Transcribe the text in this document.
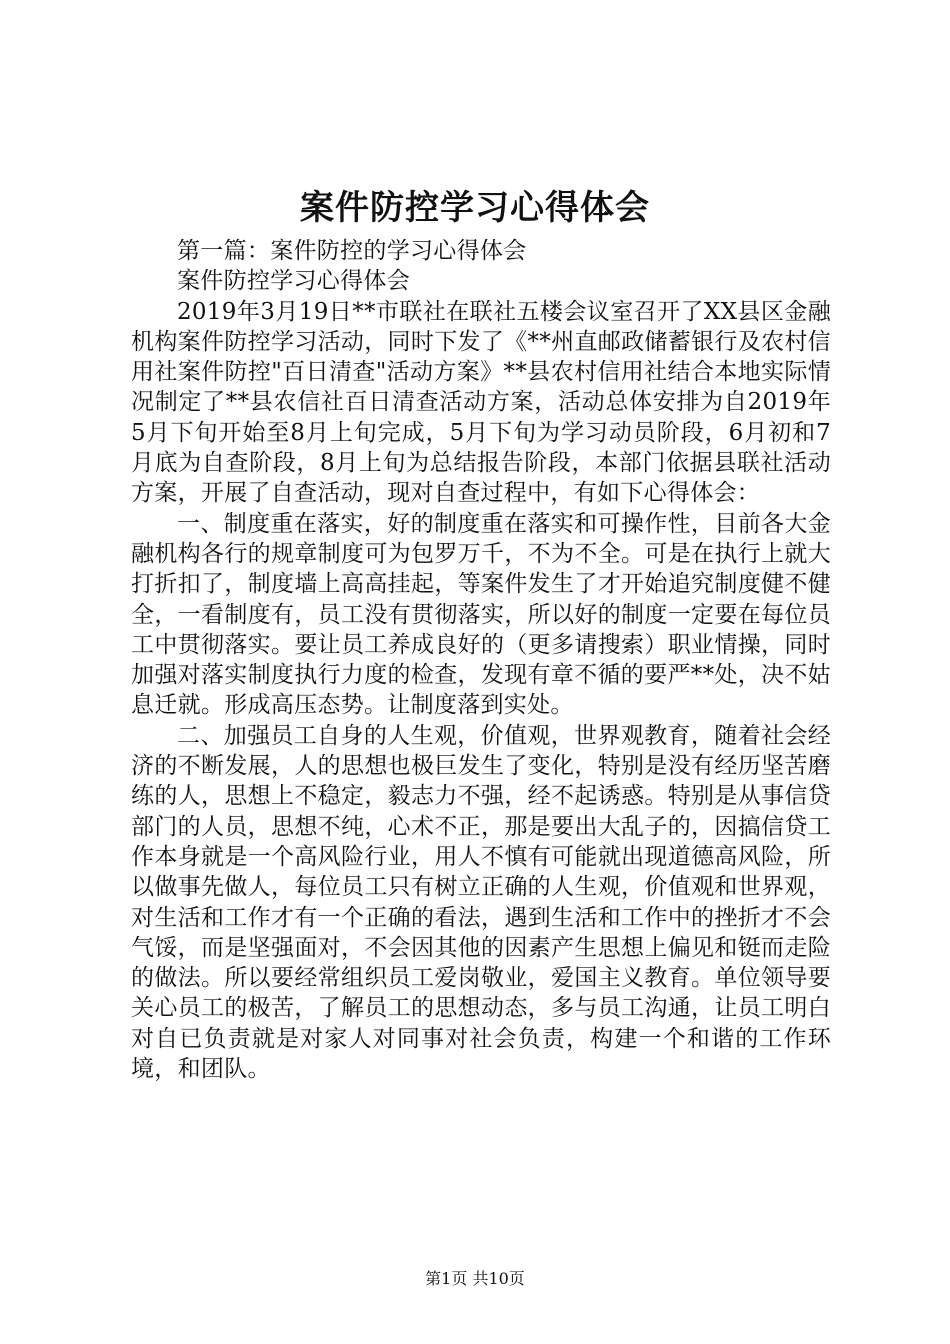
案件防控学习心得体会

第一篇：案件防控的学习心得体会

案件防控学习心得体会

2019年3月19日**市联社在联社五楼会议室召开了XX县区金融机构案件防控学习活动，同时下发了《**州直邮政储蓄银行及农村信用社案件防控"百日清查"活动方案》**县农村信用社结合本地实际情况制定了**县农信社百日清查活动方案，活动总体安排为自2019年5月下旬开始至8月上旬完成，5月下旬为学习动员阶段，6月初和7月底为自查阶段，8月上旬为总结报告阶段，本部门依据县联社活动方案，开展了自查活动，现对自查过程中，有如下心得体会：

一、制度重在落实，好的制度重在落实和可操作性，目前各大金融机构各行的规章制度可为包罗万千，不为不全。可是在执行上就大打折扣了，制度墙上高高挂起，等案件发生了才开始追究制度健不健全，一看制度有，员工没有贯彻落实，所以好的制度一定要在每位员工中贯彻落实。要让员工养成良好的（更多请搜索）职业情操，同时加强对落实制度执行力度的检查，发现有章不循的要严**处，决不姑息迁就。形成高压态势。让制度落到实处。

二、加强员工自身的人生观，价值观，世界观教育，随着社会经济的不断发展，人的思想也极巨发生了变化，特别是没有经历坚苦磨练的人，思想上不稳定，毅志力不强，经不起诱惑。特别是从事信贷部门的人员，思想不纯，心术不正，那是要出大乱子的，因搞信贷工作本身就是一个高风险行业，用人不慎有可能就出现道德高风险，所以做事先做人，每位员工只有树立正确的人生观，价值观和世界观，对生活和工作才有一个正确的看法，遇到生活和工作中的挫折才不会气馁，而是坚强面对，不会因其他的因素产生思想上偏见和铤而走险的做法。所以要经常组织员工爱岗敬业，爱国主义教育。单位领导要关心员工的极苦，了解员工的思想动态，多与员工沟通，让员工明白对自已负责就是对家人对同事对社会负责，构建一个和谐的工作环境，和团队。

第1页 共10页
